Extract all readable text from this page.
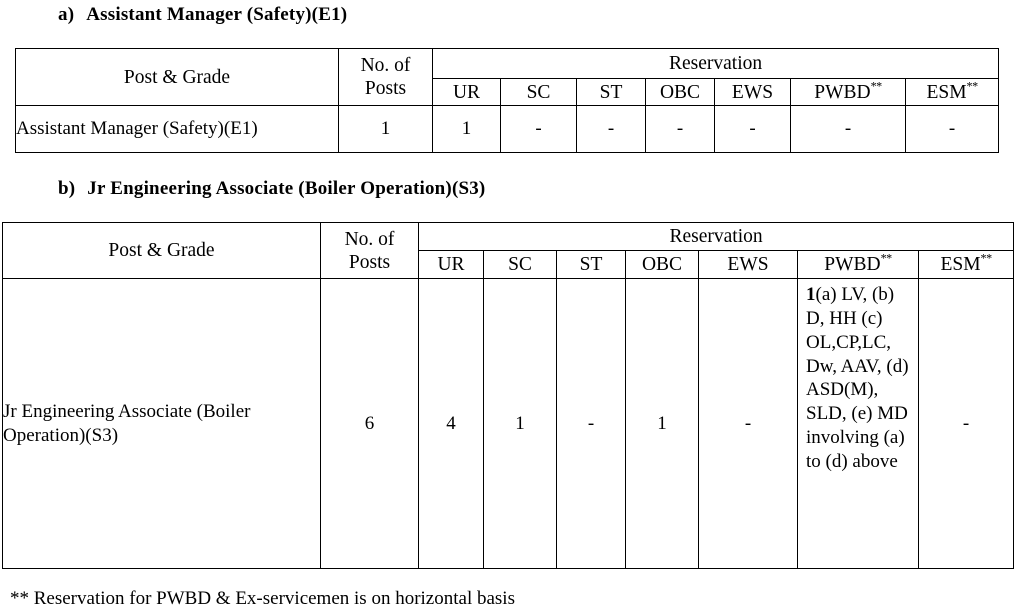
a) Assistant Manager (Safety)(E1)
Post & Grade	No. of
Posts	Reservation						
		UR	SC	ST	OBC	EWS	PWBD**	ESM**
Assistant Manager (Safety)(E1)	1	1	-	-	-	-	-	-
b) Jr Engineering Associate (Boiler Operation)(S3)
Post & Grade	No. of
Posts	Reservation						
		UR	SC	ST	OBC	EWS	PWBD**	ESM**
Jr Engineering Associate (Boiler Operation)(S3)	6	4	1	-	1	-	1(a) LV, (b) D, HH (c) OL,CP,LC, Dw, AAV, (d) ASD(M), SLD, (e) MD involving (a) to (d) above	-
** Reservation for PWBD & Ex-servicemen is on horizontal basis
